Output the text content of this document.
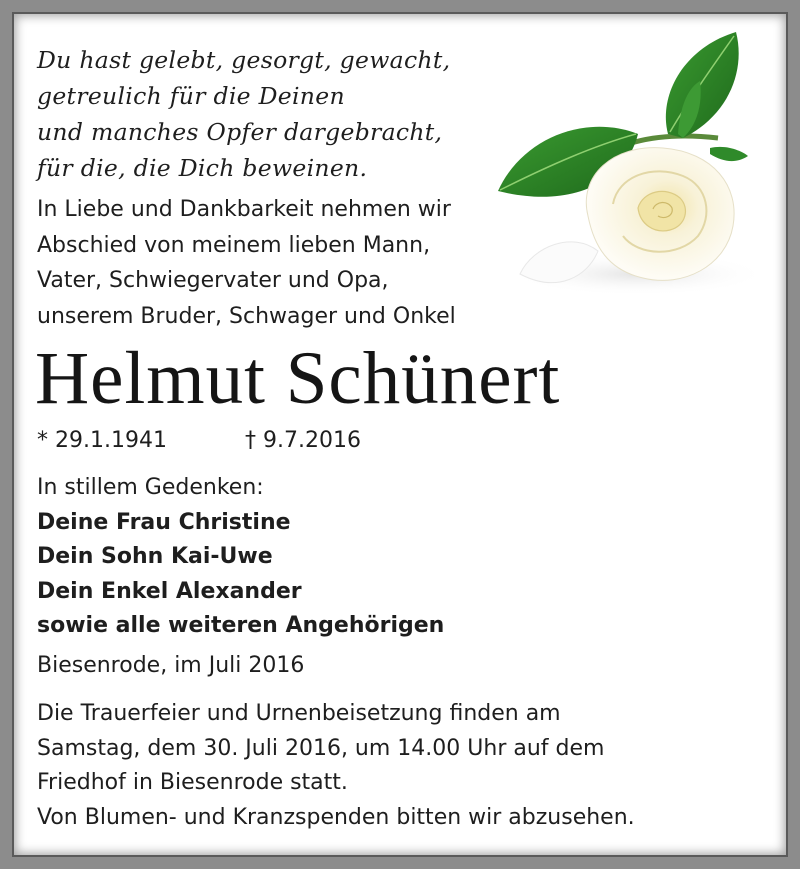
Du hast gelebt, gesorgt, gewacht,
getreulich für die Deinen
und manches Opfer dargebracht,
für die, die Dich beweinen.
In Liebe und Dankbarkeit nehmen wir
Abschied von meinem lieben Mann,
Vater, Schwiegervater und Opa,
unserem Bruder, Schwager und Onkel
Helmut Schünert
* 29.1.1941	† 9.7.2016
In stillem Gedenken:
Deine Frau Christine
Dein Sohn Kai-Uwe
Dein Enkel Alexander
sowie alle weiteren Angehörigen
Biesenrode, im Juli 2016
Die Trauerfeier und Urnenbeisetzung finden am
Samstag, dem 30. Juli 2016, um 14.00 Uhr auf dem
Friedhof in Biesenrode statt.
Von Blumen- und Kranzspenden bitten wir abzusehen.
